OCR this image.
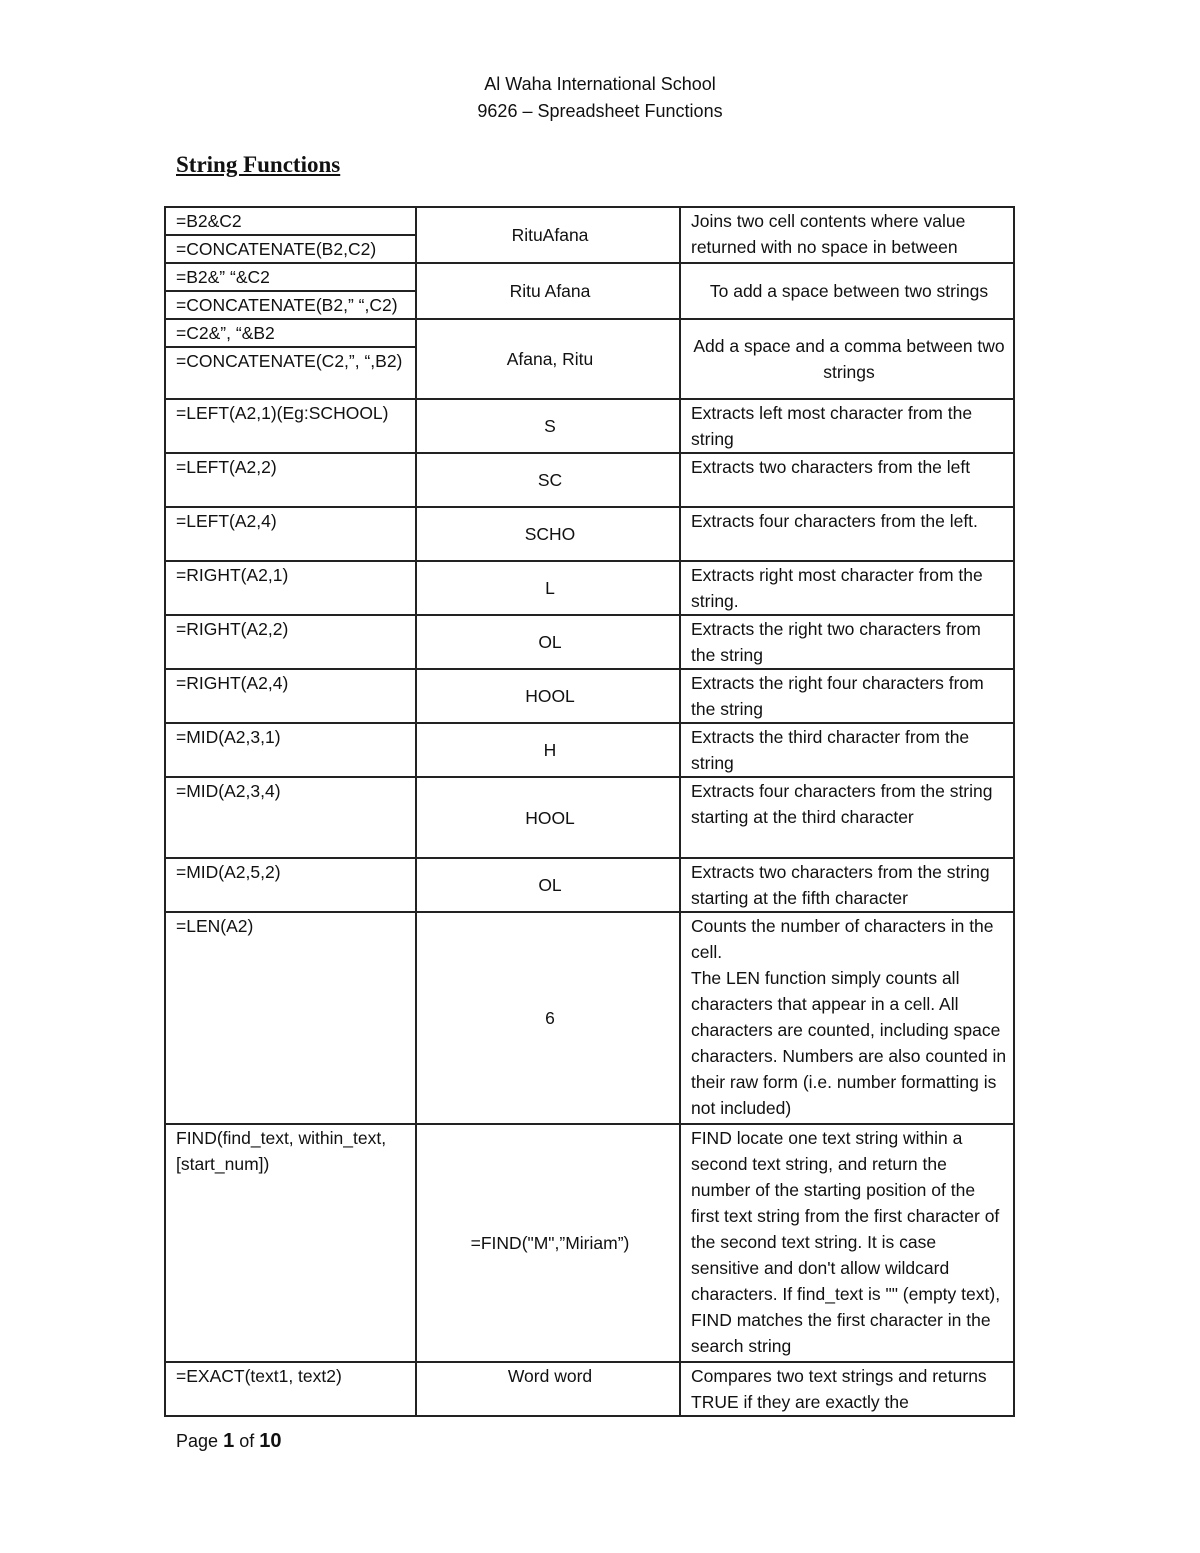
Al Waha International School
9626 – Spreadsheet Functions
String Functions
=B2&C2
=CONCATENATE(B2,C2)	RituAfana	Joins two cell contents where value returned with no space in between

=B2&” “&C2
=CONCATENATE(B2,” “,C2)	Ritu Afana	To add a space between two strings

=C2&”, “&B2
=CONCATENATE(C2,”, “,B2)	Afana, Ritu	Add a space and a comma between two strings

=LEFT(A2,1)(Eg:SCHOOL)	S	Extracts left most character from the string

=LEFT(A2,2)	SC	Extracts two characters from the left

=LEFT(A2,4)	SCHO	Extracts four characters from the left.

=RIGHT(A2,1)	L	Extracts right most character from the string.

=RIGHT(A2,2)	OL	Extracts the right two characters from the string

=RIGHT(A2,4)	HOOL	Extracts the right four characters from the string

=MID(A2,3,1)	H	Extracts the third character from the string

=MID(A2,3,4)	HOOL	Extracts four characters from the string starting at the third character

=MID(A2,5,2)	OL	Extracts two characters from the string starting at the fifth character

=LEN(A2)	6	Counts the number of characters in the cell.
The LEN function simply counts all characters that appear in a cell. All characters are counted, including space characters. Numbers are also counted in their raw form (i.e. number formatting is not included)

FIND(find_text, within_text, [start_num])	=FIND("M",”Miriam”)	FIND locate one text string within a second text string, and return the number of the starting position of the first text string from the first character of the second text string. It is case sensitive and don't allow wildcard characters. If find_text is "" (empty text), FIND matches the first character in the search string

=EXACT(text1, text2)	Word word	Compares two text strings and returns TRUE if they are exactly the
Page 1 of 10
